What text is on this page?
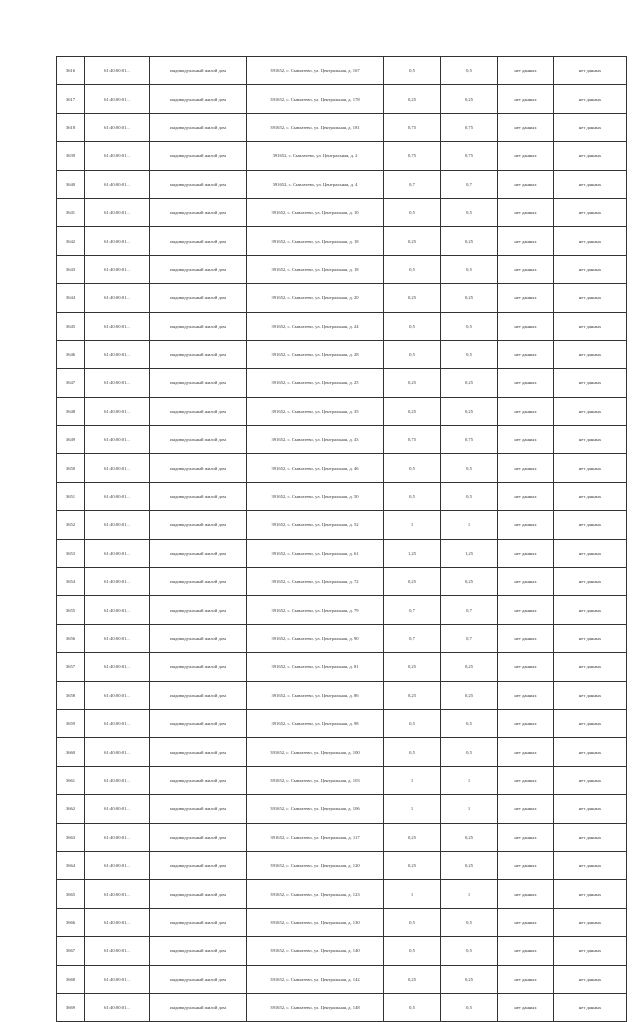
3616	61:40:00:01...	индивидуальный жилой дом	391652, с. Сывлатево, ул. Центральная, д. 167	0,5	0,5	нет данных	нет данных
3617	61:40:00:01...	индивидуальный жилой дом	391652, с. Сывлатево, ул. Центральная, д. 178	0,25	0,25	нет данных	нет данных
3618	61:40:00:01...	индивидуальный жилой дом	391652, с. Сывлатево, ул. Центральная, д. 181	0,75	0,75	нет данных	нет данных
3639	61:40:00:01...	индивидуальный жилой дом	391652, с. Сывлатево, ул. Центральная, д. 2	0,75	0,75	нет данных	нет данных
3640	61:40:00:01...	индивидуальный жилой дом	391652, с. Сывлатево, ул. Центральная, д. 4	0,7	0,7	нет данных	нет данных
3641	61:40:00:01...	индивидуальный жилой дом	391652, с. Сывлатево, ул. Центральная, д. 10	0,5	0,5	нет данных	нет данных
3642	61:40:00:01...	индивидуальный жилой дом	391652, с. Сывлатево, ул. Центральная, д. 18	0,25	0,25	нет данных	нет данных
3643	61:40:00:01...	индивидуальный жилой дом	391652, с. Сывлатево, ул. Центральная, д. 18	0,5	0,5	нет данных	нет данных
3644	61:40:00:01...	индивидуальный жилой дом	391652, с. Сывлатево, ул. Центральная, д. 20	0,25	0,25	нет данных	нет данных
3645	61:40:00:01...	индивидуальный жилой дом	391652, с. Сывлатево, ул. Центральная, д. 24	0,5	0,5	нет данных	нет данных
3646	61:40:00:01...	индивидуальный жилой дом	391652, с. Сывлатево, ул. Центральная, д. 28	0,5	0,5	нет данных	нет данных
3647	61:40:00:01...	индивидуальный жилой дом	391652, с. Сывлатево, ул. Центральная, д. 25	0,25	0,25	нет данных	нет данных
3648	61:40:00:01...	индивидуальный жилой дом	391652, с. Сывлатево, ул. Центральная, д. 35	0,25	0,25	нет данных	нет данных
3649	61:40:00:01...	индивидуальный жилой дом	391652, с. Сывлатево, ул. Центральная, д. 43	0,75	0,75	нет данных	нет данных
3650	61:40:00:01...	индивидуальный жилой дом	391652, с. Сывлатево, ул. Центральная, д. 46	0,5	0,5	нет данных	нет данных
3651	61:40:00:01...	индивидуальный жилой дом	391652, с. Сывлатево, ул. Центральная, д. 50	0,5	0,5	нет данных	нет данных
3652	61:40:00:01...	индивидуальный жилой дом	391652, с. Сывлатево, ул. Центральная, д. 52	1	1	нет данных	нет данных
3653	61:40:00:01...	индивидуальный жилой дом	391652, с. Сывлатево, ул. Центральная, д. 61	1,25	1,25	нет данных	нет данных
3654	61:40:00:01...	индивидуальный жилой дом	391652, с. Сывлатево, ул. Центральная, д. 72	0,25	0,25	нет данных	нет данных
3655	61:40:00:01...	индивидуальный жилой дом	391652, с. Сывлатево, ул. Центральная, д. 79	0,7	0,7	нет данных	нет данных
3656	61:40:00:01...	индивидуальный жилой дом	391652, с. Сывлатево, ул. Центральная, д. 90	0,7	0,7	нет данных	нет данных
3657	61:40:00:01...	индивидуальный жилой дом	391652, с. Сывлатево, ул. Центральная, д. 81	0,25	0,25	нет данных	нет данных
3658	61:40:00:01...	индивидуальный жилой дом	391652, с. Сывлатево, ул. Центральная, д. 86	0,25	0,25	нет данных	нет данных
3659	61:40:00:01...	индивидуальный жилой дом	391652, с. Сывлатево, ул. Центральная, д. 98	0,5	0,5	нет данных	нет данных
3660	61:40:00:01...	индивидуальный жилой дом	391652, с. Сывлатево, ул. Центральная, д. 100	0,5	0,5	нет данных	нет данных
3661	61:40:00:01...	индивидуальный жилой дом	391652, с. Сывлатево, ул. Центральная, д. 103	1	1	нет данных	нет данных
3662	61:40:00:01...	индивидуальный жилой дом	391652, с. Сывлатево, ул. Центральная, д. 106	1	1	нет данных	нет данных
3663	61:40:00:01...	индивидуальный жилой дом	391652, с. Сывлатево, ул. Центральная, д. 117	0,25	0,25	нет данных	нет данных
3664	61:40:00:01...	индивидуальный жилой дом	391652, с. Сывлатево, ул. Центральная, д. 120	0,25	0,25	нет данных	нет данных
3665	61:40:00:01...	индивидуальный жилой дом	391652, с. Сывлатево, ул. Центральная, д. 123	1	1	нет данных	нет данных
3666	61:40:00:01...	индивидуальный жилой дом	391652, с. Сывлатево, ул. Центральная, д. 130	0,5	0,5	нет данных	нет данных
3667	61:40:00:01...	индивидуальный жилой дом	391652, с. Сывлатево, ул. Центральная, д. 140	0,5	0,5	нет данных	нет данных
3668	61:40:00:01...	индивидуальный жилой дом	391652, с. Сывлатево, ул. Центральная, д. 142	0,25	0,25	нет данных	нет данных
3669	61:40:00:01...	индивидуальный жилой дом	391652, с. Сывлатево, ул. Центральная, д. 148	0,5	0,5	нет данных	нет данных
